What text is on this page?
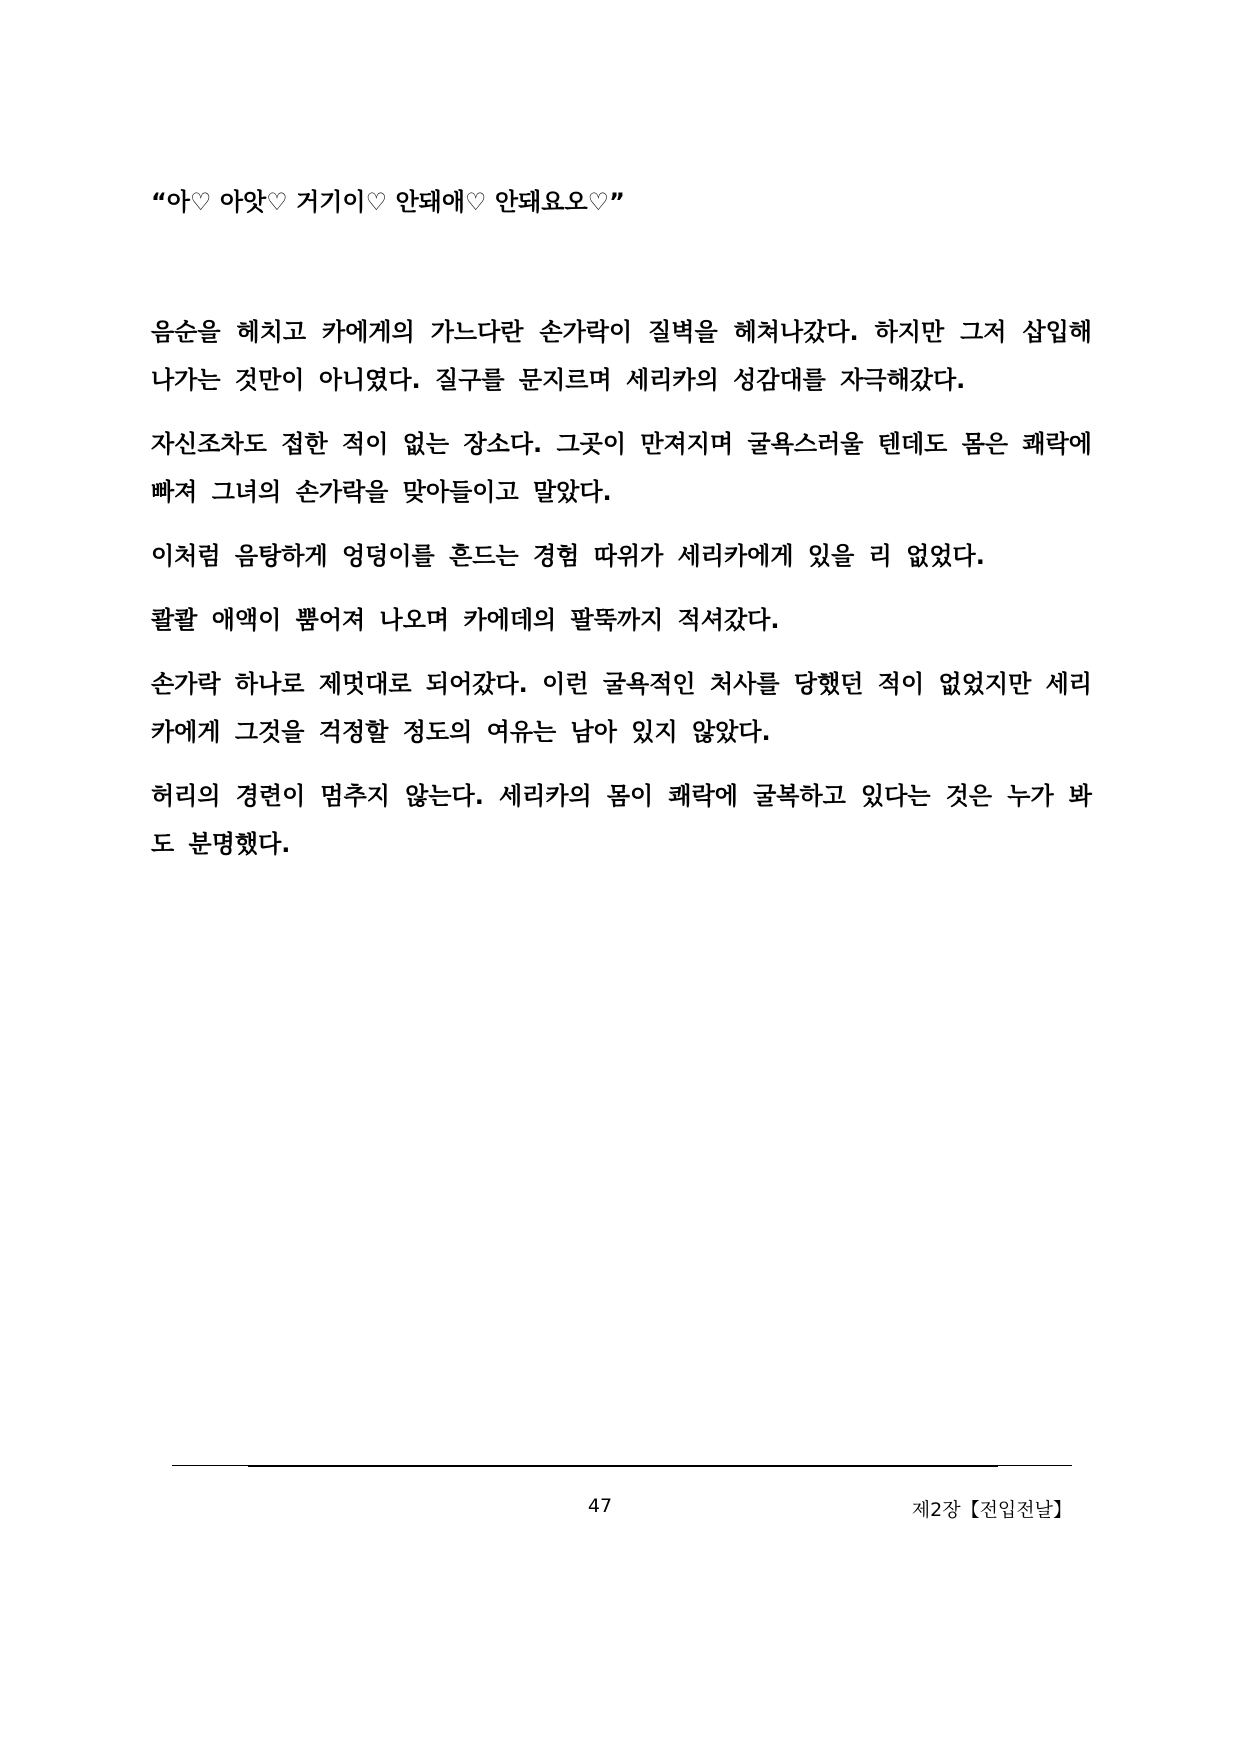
“아♡ 아앗♡ 거기이♡ 안돼애♡ 안돼요오♡”

음순을 헤치고 카에게의 가느다란 손가락이 질벽을 헤쳐나갔다. 하지만 그저 삽입해 나가는 것만이 아니였다. 질구를 문지르며 세리카의 성감대를 자극해갔다.

자신조차도 접한 적이 없는 장소다. 그곳이 만져지며 굴욕스러울 텐데도 몸은 쾌락에 빠져 그녀의 손가락을 맞아들이고 말았다.

이처럼 음탕하게 엉덩이를 흔드는 경험 따위가 세리카에게 있을 리 없었다.

콸콸 애액이 뿜어져 나오며 카에데의 팔뚝까지 적셔갔다.

손가락 하나로 제멋대로 되어갔다. 이런 굴욕적인 처사를 당했던 적이 없었지만 세리카에게 그것을 걱정할 정도의 여유는 남아 있지 않았다.

허리의 경련이 멈추지 않는다. 세리카의 몸이 쾌락에 굴복하고 있다는 것은 누가 봐도 분명했다.

47	제2장【전입전날】
